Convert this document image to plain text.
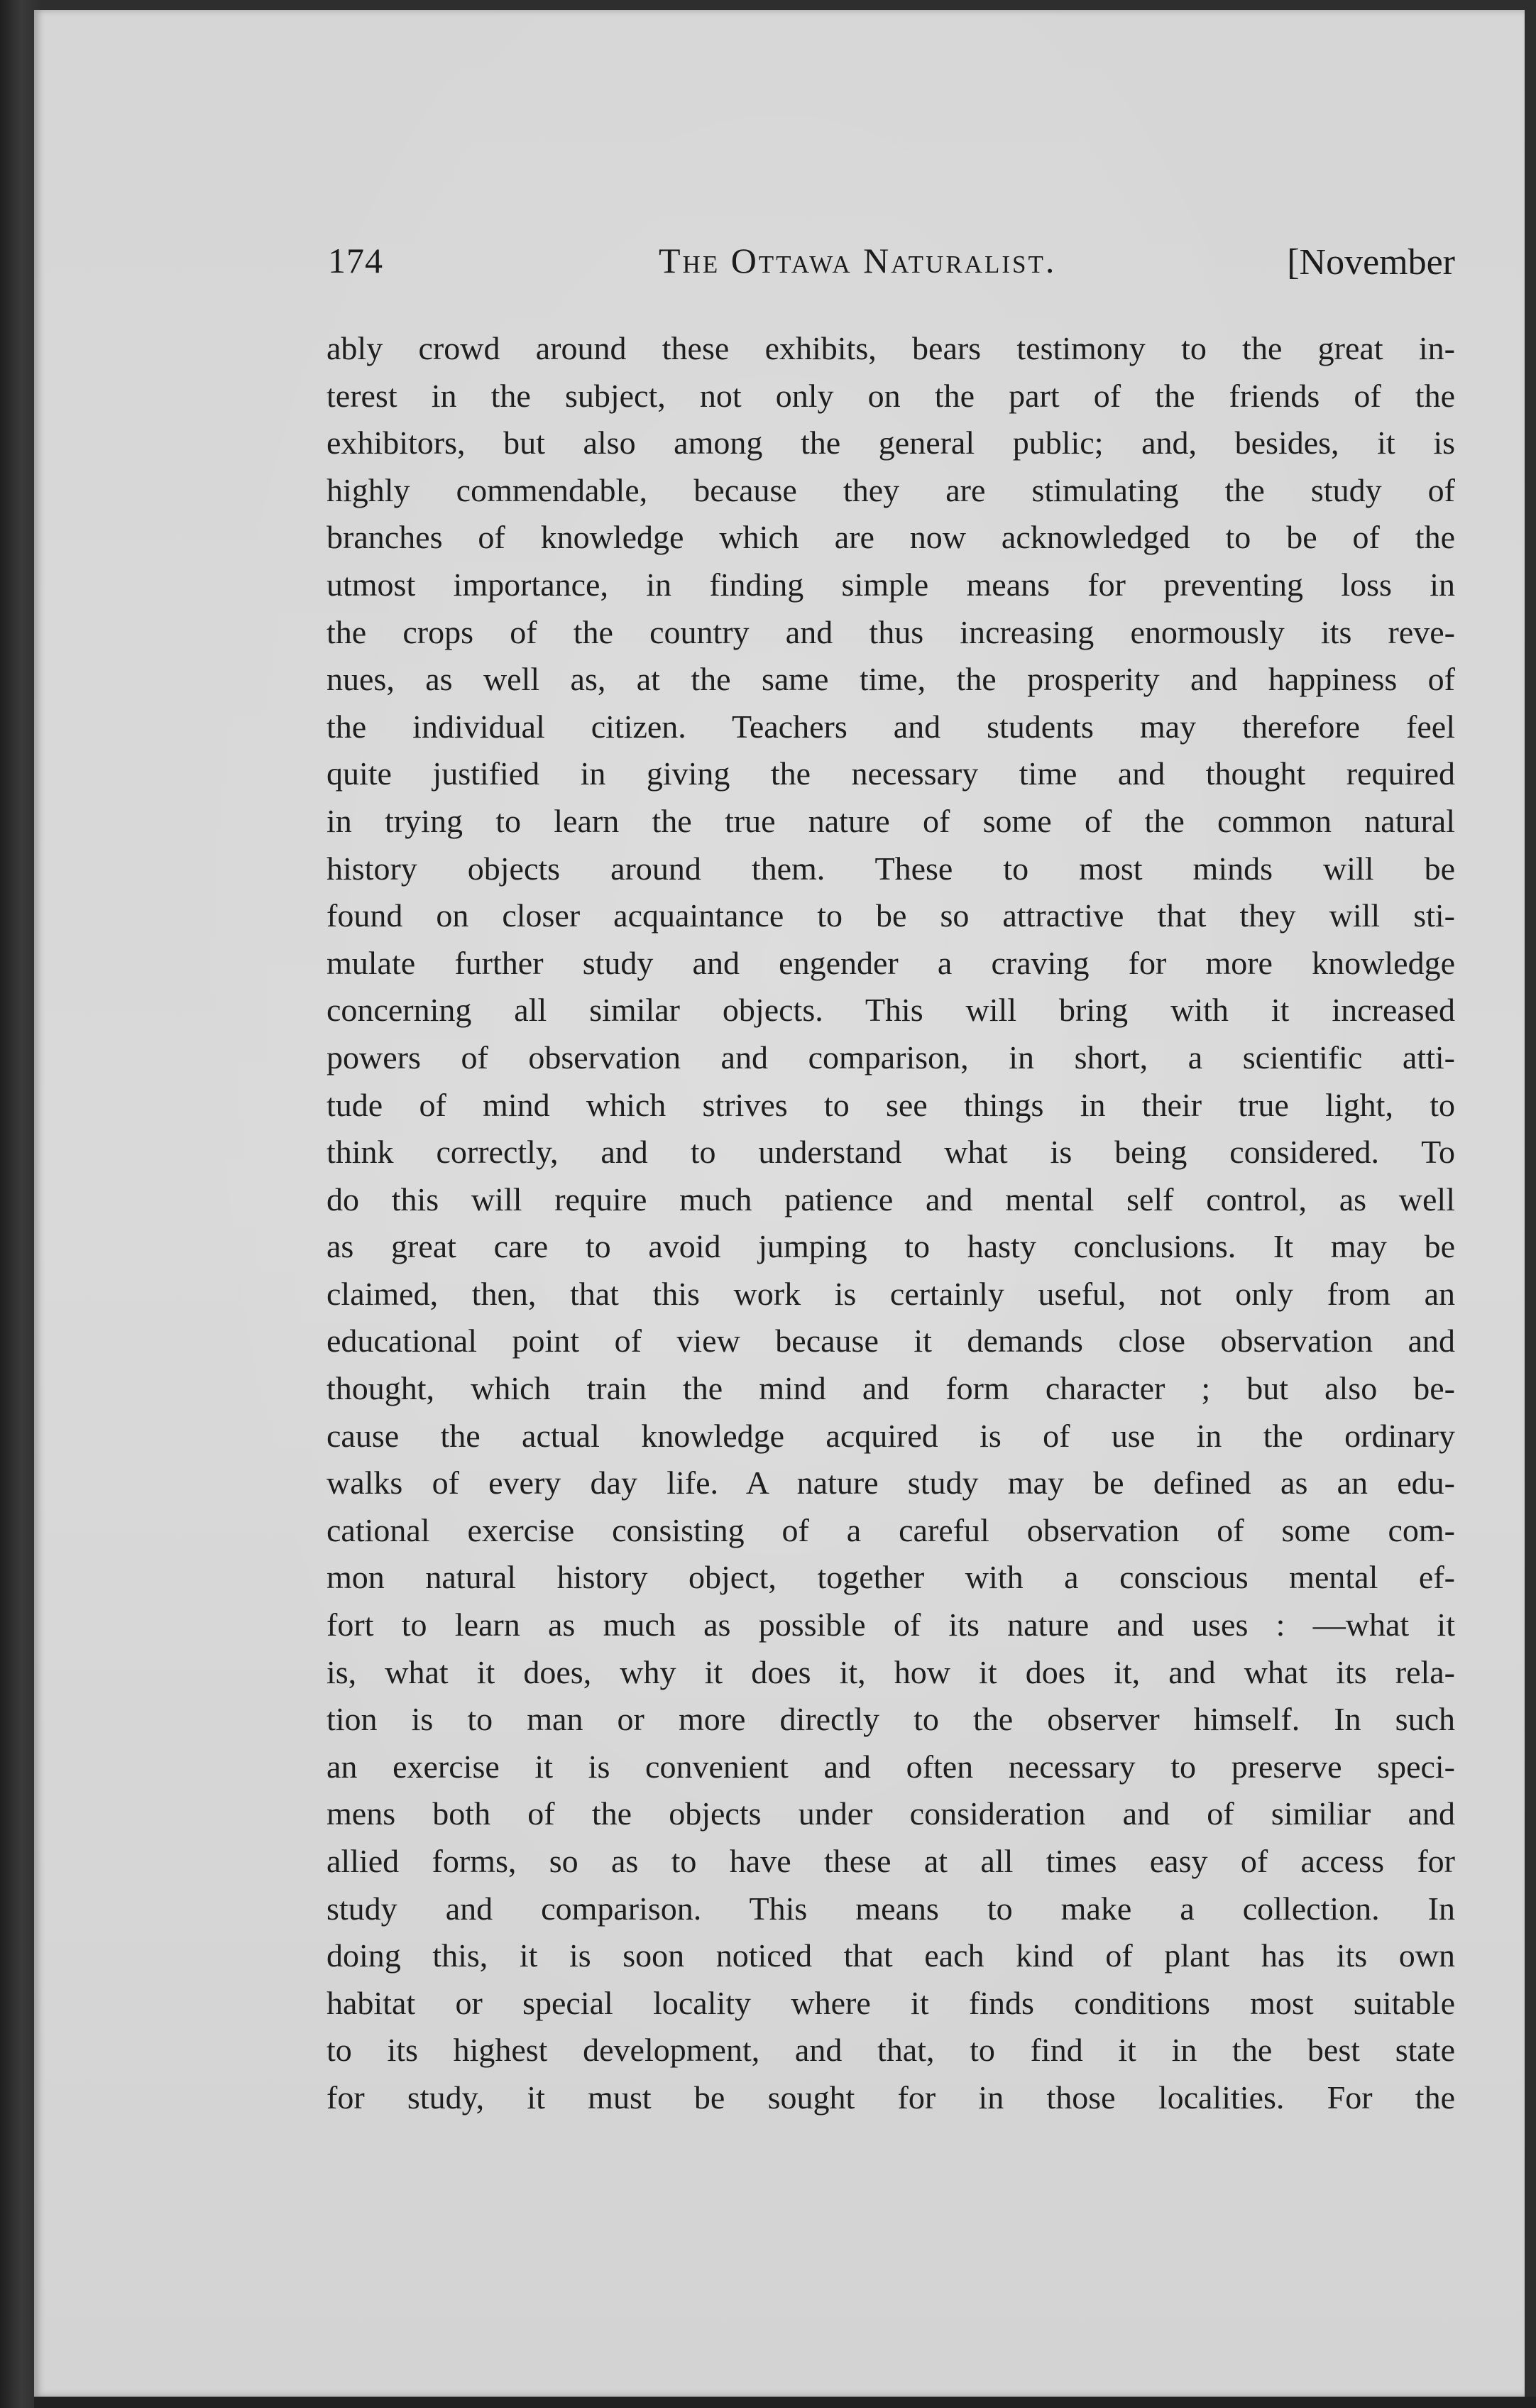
174	The Ottawa Naturalist.	[November
ably crowd around these exhibits, bears testimony to the great in-
terest in the subject, not only on the part of the friends of the
exhibitors, but also among the general public; and, besides, it is
highly commendable, because they are stimulating the study of
branches of knowledge which are now acknowledged to be of the
utmost importance, in finding simple means for preventing loss in
the crops of the country and thus increasing enormously its reve-
nues, as well as, at the same time, the prosperity and happiness of
the individual citizen. Teachers and students may therefore feel
quite justified in giving the necessary time and thought required
in trying to learn the true nature of some of the common natural
history objects around them. These to most minds will be
found on closer acquaintance to be so attractive that they will sti-
mulate further study and engender a craving for more knowledge
concerning all similar objects. This will bring with it increased
powers of observation and comparison, in short, a scientific atti-
tude of mind which strives to see things in their true light, to
think correctly, and to understand what is being considered. To
do this will require much patience and mental self control, as well
as great care to avoid jumping to hasty conclusions. It may be
claimed, then, that this work is certainly useful, not only from an
educational point of view because it demands close observation and
thought, which train the mind and form character ; but also be-
cause the actual knowledge acquired is of use in the ordinary
walks of every day life. A nature study may be defined as an edu-
cational exercise consisting of a careful observation of some com-
mon natural history object, together with a conscious mental ef-
fort to learn as much as possible of its nature and uses : —what it
is, what it does, why it does it, how it does it, and what its rela-
tion is to man or more directly to the observer himself. In such
an exercise it is convenient and often necessary to preserve speci-
mens both of the objects under consideration and of similiar and
allied forms, so as to have these at all times easy of access for
study and comparison. This means to make a collection. In
doing this, it is soon noticed that each kind of plant has its own
habitat or special locality where it finds conditions most suitable
to its highest development, and that, to find it in the best state
for study, it must be sought for in those localities. For the
